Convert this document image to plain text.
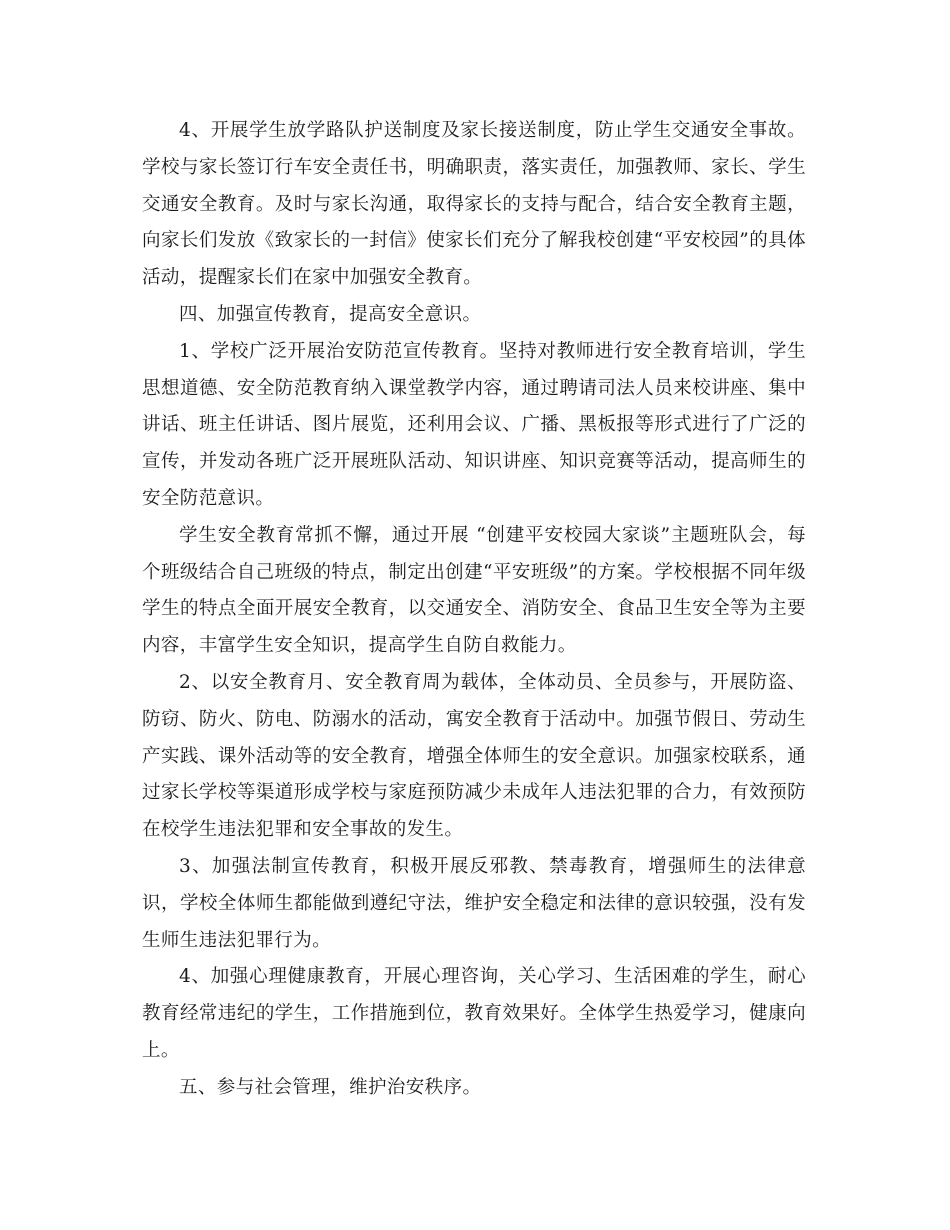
4、开展学生放学路队护送制度及家长接送制度，防止学生交通安全事故。学校与家长签订行车安全责任书，明确职责，落实责任，加强教师、家长、学生交通安全教育。及时与家长沟通，取得家长的支持与配合，结合安全教育主题，向家长们发放《致家长的一封信》使家长们充分了解我校创建“平安校园”的具体活动，提醒家长们在家中加强安全教育。

四、加强宣传教育，提高安全意识。

1、学校广泛开展治安防范宣传教育。坚持对教师进行安全教育培训，学生思想道德、安全防范教育纳入课堂教学内容，通过聘请司法人员来校讲座、集中讲话、班主任讲话、图片展览，还利用会议、广播、黑板报等形式进行了广泛的宣传，并发动各班广泛开展班队活动、知识讲座、知识竞赛等活动，提高师生的安全防范意识。

学生安全教育常抓不懈，通过开展 “创建平安校园大家谈”主题班队会，每个班级结合自己班级的特点，制定出创建“平安班级”的方案。学校根据不同年级学生的特点全面开展安全教育，以交通安全、消防安全、食品卫生安全等为主要内容，丰富学生安全知识，提高学生自防自救能力。

2、以安全教育月、安全教育周为载体，全体动员、全员参与，开展防盗、防窃、防火、防电、防溺水的活动，寓安全教育于活动中。加强节假日、劳动生产实践、课外活动等的安全教育，增强全体师生的安全意识。加强家校联系，通过家长学校等渠道形成学校与家庭预防减少未成年人违法犯罪的合力，有效预防在校学生违法犯罪和安全事故的发生。

3、加强法制宣传教育，积极开展反邪教、禁毒教育，增强师生的法律意识，学校全体师生都能做到遵纪守法，维护安全稳定和法律的意识较强，没有发生师生违法犯罪行为。

4、加强心理健康教育，开展心理咨询，关心学习、生活困难的学生，耐心教育经常违纪的学生，工作措施到位，教育效果好。全体学生热爱学习，健康向上。

五、参与社会管理，维护治安秩序。
